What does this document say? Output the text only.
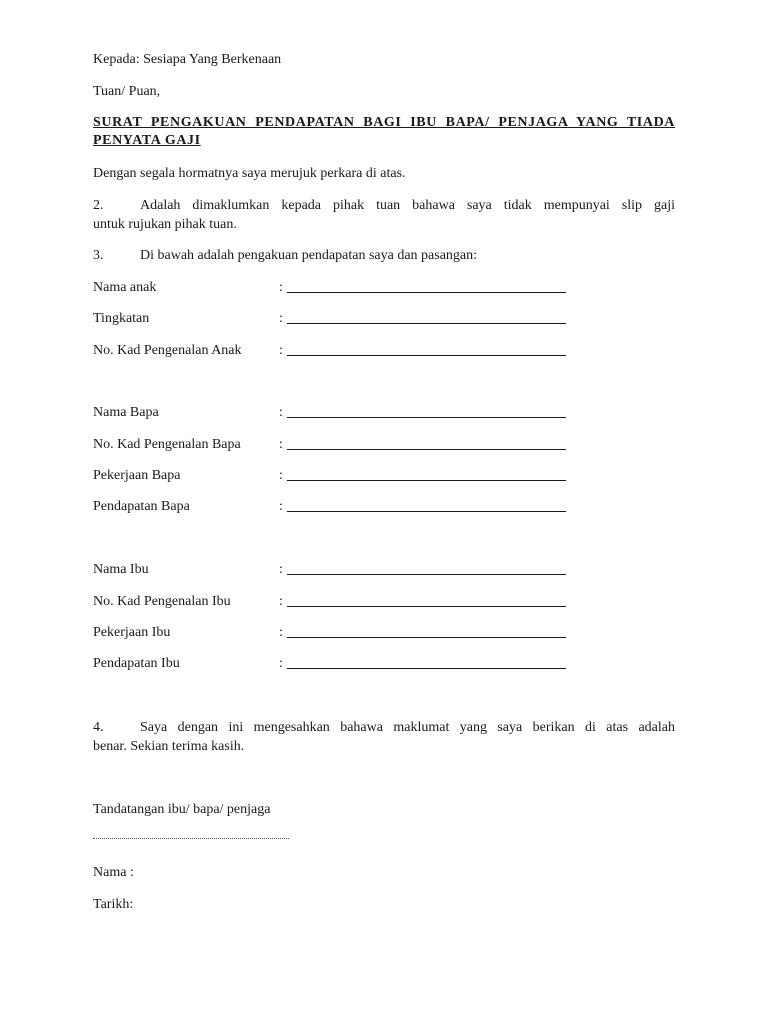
Kepada: Sesiapa Yang Berkenaan
Tuan/ Puan,
SURAT PENGAKUAN PENDAPATAN BAGI IBU BAPA/ PENJAGA YANG TIADA
PENYATA GAJI
Dengan segala hormatnya saya merujuk perkara di atas.
2.	Adalah dimaklumkan kepada pihak tuan bahawa saya tidak mempunyai slip gaji
untuk rujukan pihak tuan.
3.	Di bawah adalah pengakuan pendapatan saya dan pasangan:
Nama anak	:
Tingkatan	:
No. Kad Pengenalan Anak	:
Nama Bapa	:
No. Kad Pengenalan Bapa	:
Pekerjaan Bapa	:
Pendapatan Bapa	:
Nama Ibu	:
No. Kad Pengenalan Ibu	:
Pekerjaan Ibu	:
Pendapatan Ibu	:
4.	Saya dengan ini mengesahkan bahawa maklumat yang saya berikan di atas adalah
benar. Sekian terima kasih.
Tandatangan ibu/ bapa/ penjaga
Nama :
Tarikh:
